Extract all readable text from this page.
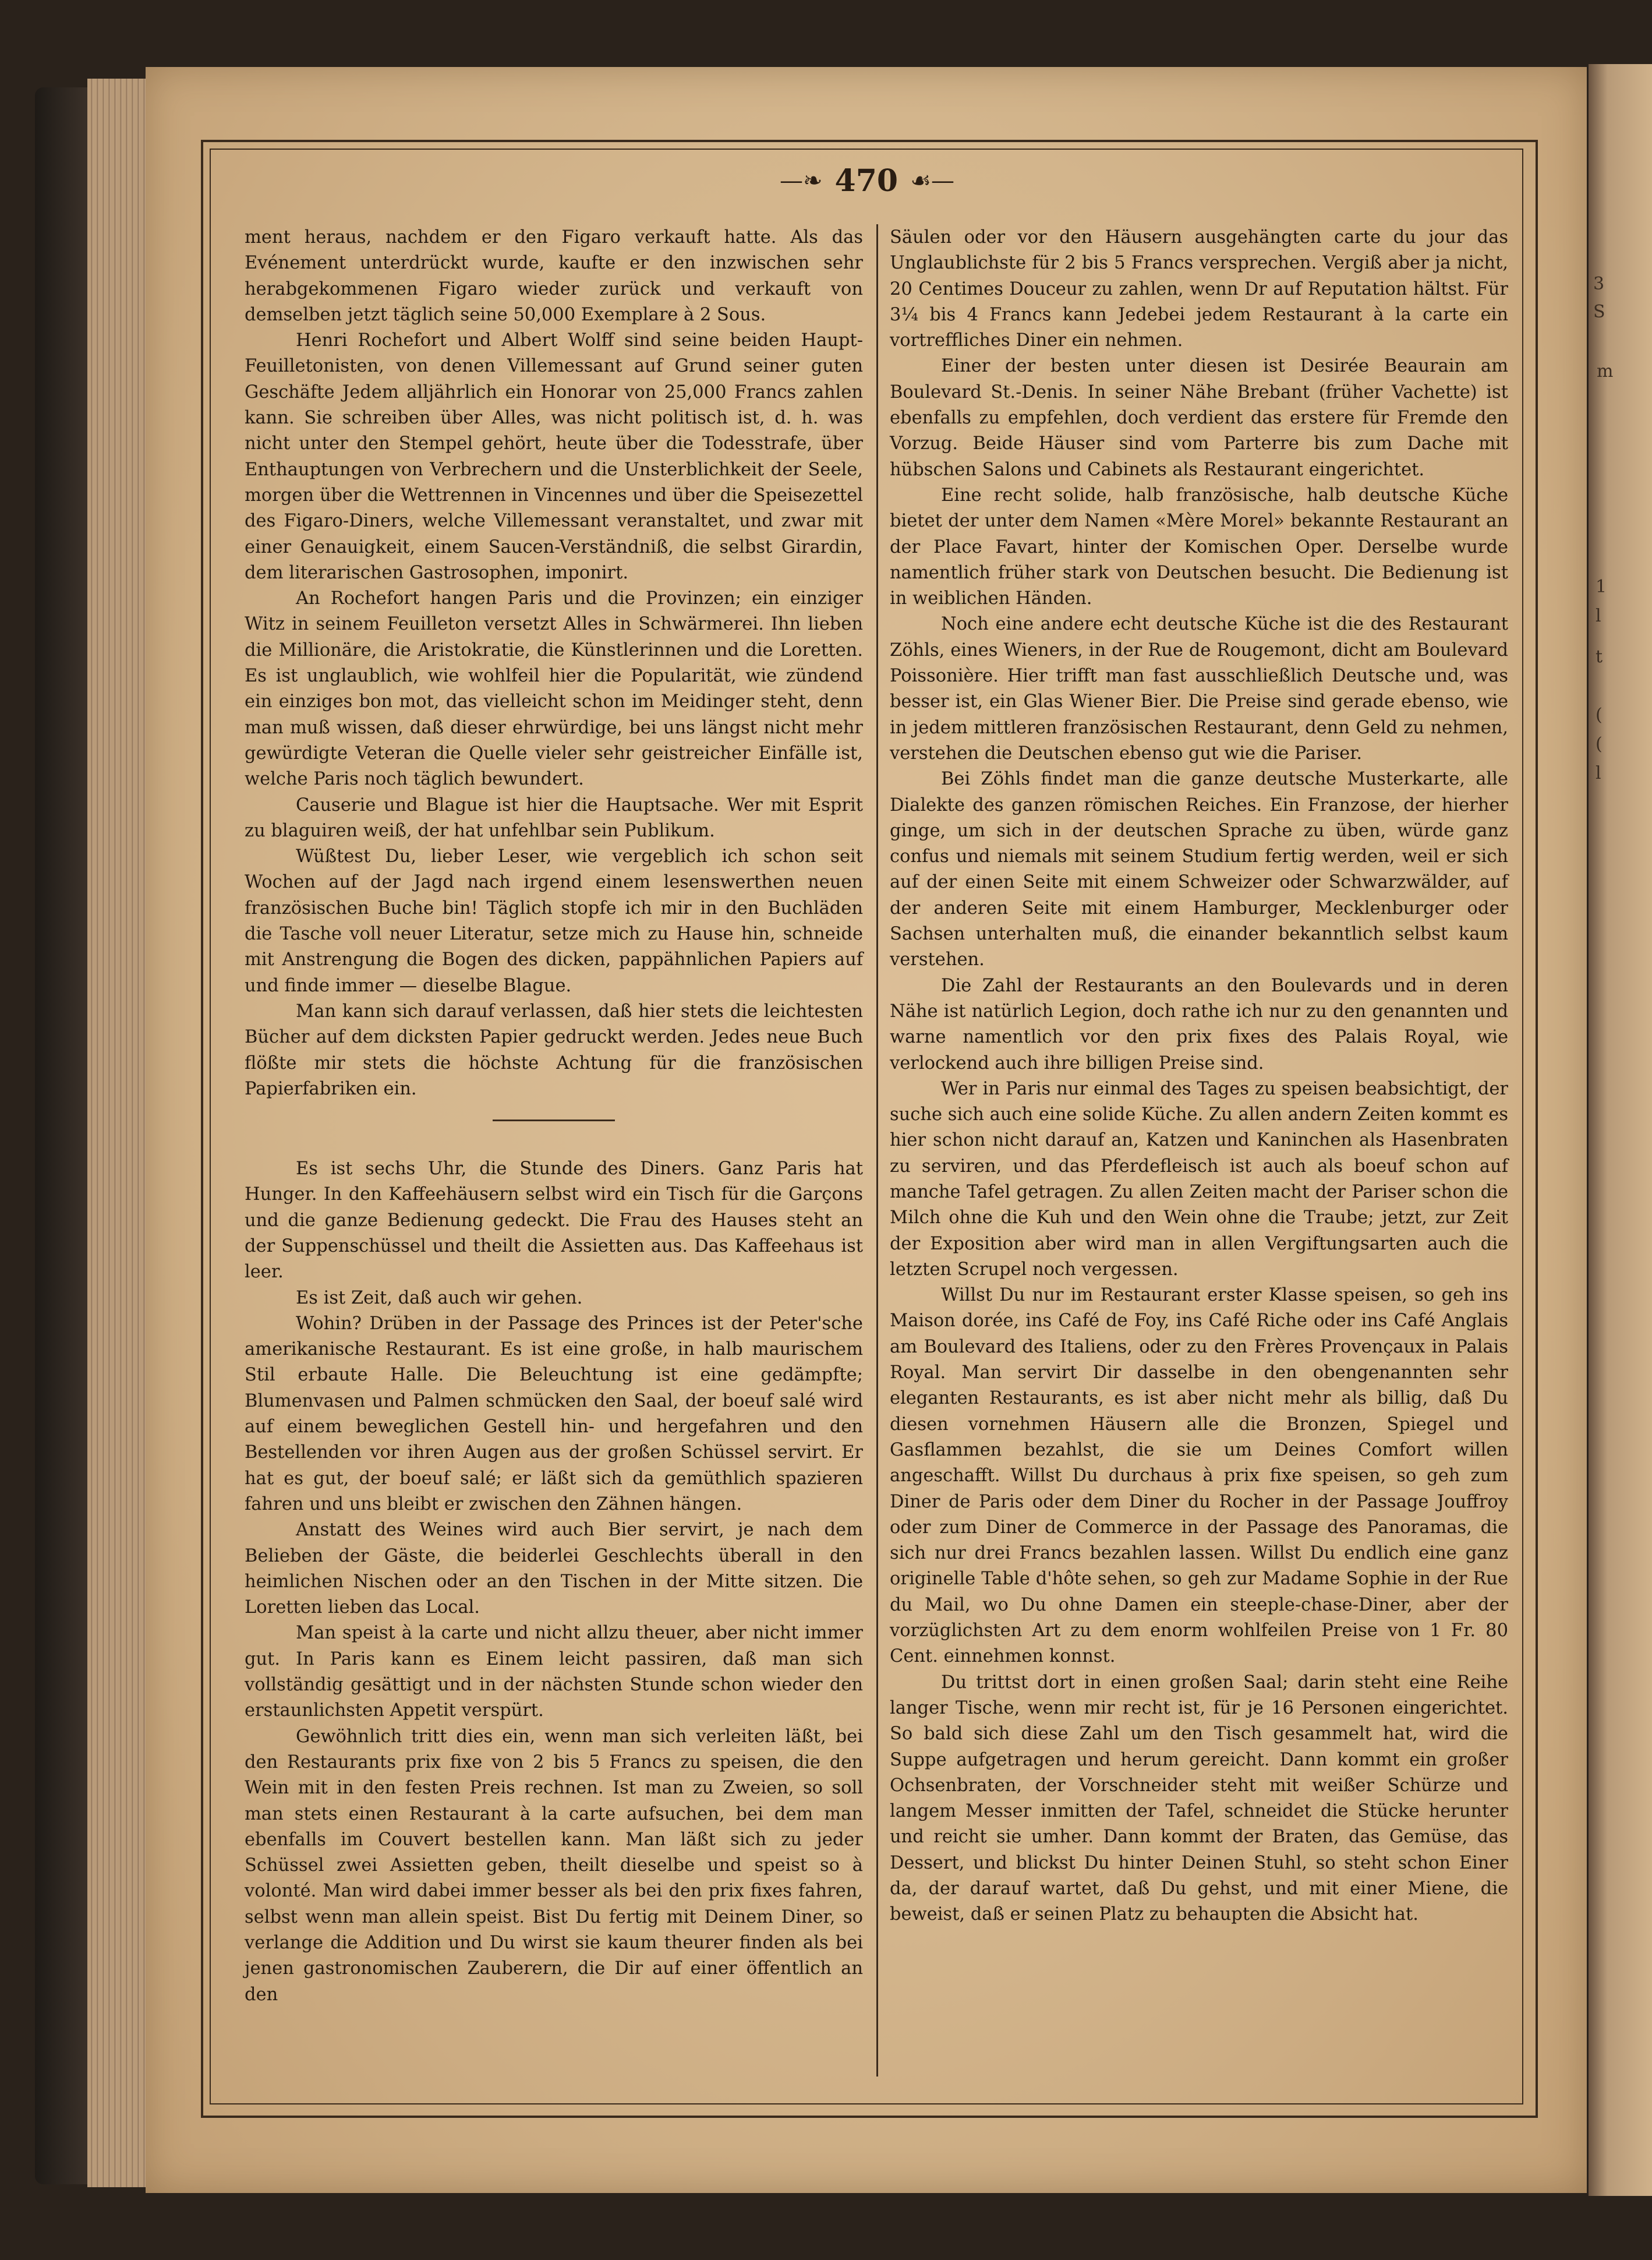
3
S
m
1
l
t
(
(
l
—❧ 470 ☙—

ment heraus, nachdem er den Figaro verkauft hatte. Als das Evénement unterdrückt wurde, kaufte er den inzwischen sehr herabgekommenen Figaro wieder zurück und verkauft von demselben jetzt täglich seine 50,000 Exemplare à 2 Sous.

Henri Rochefort und Albert Wolff sind seine beiden Haupt-Feuilletonisten, von denen Villemessant auf Grund seiner guten Geschäfte Jedem alljährlich ein Honorar von 25,000 Francs zahlen kann. Sie schreiben über Alles, was nicht politisch ist, d. h. was nicht unter den Stempel gehört, heute über die Todesstrafe, über Enthauptungen von Verbrechern und die Unsterblichkeit der Seele, morgen über die Wettrennen in Vincennes und über die Speisezettel des Figaro-Diners, welche Villemessant veranstaltet, und zwar mit einer Genauigkeit, einem Saucen-Verständniß, die selbst Girardin, dem literarischen Gastrosophen, imponirt.

An Rochefort hangen Paris und die Provinzen; ein einziger Witz in seinem Feuilleton versetzt Alles in Schwärmerei. Ihn lieben die Millionäre, die Aristokratie, die Künstlerinnen und die Loretten. Es ist unglaublich, wie wohlfeil hier die Popularität, wie zündend ein einziges bon mot, das vielleicht schon im Meidinger steht, denn man muß wissen, daß dieser ehrwürdige, bei uns längst nicht mehr gewürdigte Veteran die Quelle vieler sehr geistreicher Einfälle ist, welche Paris noch täglich bewundert.

Causerie und Blague ist hier die Hauptsache. Wer mit Esprit zu blaguiren weiß, der hat unfehlbar sein Publikum.

Wüßtest Du, lieber Leser, wie vergeblich ich schon seit Wochen auf der Jagd nach irgend einem lesenswerthen neuen französischen Buche bin! Täglich stopfe ich mir in den Buchläden die Tasche voll neuer Literatur, setze mich zu Hause hin, schneide mit Anstrengung die Bogen des dicken, pappähnlichen Papiers auf und finde immer — dieselbe Blague.

Man kann sich darauf verlassen, daß hier stets die leichtesten Bücher auf dem dicksten Papier gedruckt werden. Jedes neue Buch flößte mir stets die höchste Achtung für die französischen Papierfabriken ein.

Es ist sechs Uhr, die Stunde des Diners. Ganz Paris hat Hunger. In den Kaffeehäusern selbst wird ein Tisch für die Garçons und die ganze Bedienung gedeckt. Die Frau des Hauses steht an der Suppenschüssel und theilt die Assietten aus. Das Kaffeehaus ist leer.

Es ist Zeit, daß auch wir gehen.

Wohin? Drüben in der Passage des Princes ist der Peter'sche amerikanische Restaurant. Es ist eine große, in halb maurischem Stil erbaute Halle. Die Beleuchtung ist eine gedämpfte; Blumenvasen und Palmen schmücken den Saal, der boeuf salé wird auf einem beweglichen Gestell hin- und hergefahren und den Bestellenden vor ihren Augen aus der großen Schüssel servirt. Er hat es gut, der boeuf salé; er läßt sich da gemüthlich spazieren fahren und uns bleibt er zwischen den Zähnen hängen.

Anstatt des Weines wird auch Bier servirt, je nach dem Belieben der Gäste, die beiderlei Geschlechts überall in den heimlichen Nischen oder an den Tischen in der Mitte sitzen. Die Loretten lieben das Local.

Man speist à la carte und nicht allzu theuer, aber nicht immer gut. In Paris kann es Einem leicht passiren, daß man sich vollständig gesättigt und in der nächsten Stunde schon wieder den erstaunlichsten Appetit verspürt.

Gewöhnlich tritt dies ein, wenn man sich verleiten läßt, bei den Restaurants prix fixe von 2 bis 5 Francs zu speisen, die den Wein mit in den festen Preis rechnen. Ist man zu Zweien, so soll man stets einen Restaurant à la carte aufsuchen, bei dem man ebenfalls im Couvert bestellen kann. Man läßt sich zu jeder Schüssel zwei Assietten geben, theilt dieselbe und speist so à volonté. Man wird dabei immer besser als bei den prix fixes fahren, selbst wenn man allein speist. Bist Du fertig mit Deinem Diner, so verlange die Addition und Du wirst sie kaum theurer finden als bei jenen gastronomischen Zauberern, die Dir auf einer öffentlich an den

Säulen oder vor den Häusern ausgehängten carte du jour das Unglaublichste für 2 bis 5 Francs versprechen. Vergiß aber ja nicht, 20 Centimes Douceur zu zahlen, wenn Dr auf Reputation hältst. Für 3¼ bis 4 Francs kann Jedebei jedem Restaurant à la carte ein vortreffliches Diner ein nehmen.

Einer der besten unter diesen ist Desirée Beaurain am Boulevard St.-Denis. In seiner Nähe Brebant (früher Vachette) ist ebenfalls zu empfehlen, doch verdient das erstere für Fremde den Vorzug. Beide Häuser sind vom Parterre bis zum Dache mit hübschen Salons und Cabinets als Restaurant eingerichtet.

Eine recht solide, halb französische, halb deutsche Küche bietet der unter dem Namen «Mère Morel» bekannte Restaurant an der Place Favart, hinter der Komischen Oper. Derselbe wurde namentlich früher stark von Deutschen besucht. Die Bedienung ist in weiblichen Händen.

Noch eine andere echt deutsche Küche ist die des Restaurant Zöhls, eines Wieners, in der Rue de Rougemont, dicht am Boulevard Poissonière. Hier trifft man fast ausschließlich Deutsche und, was besser ist, ein Glas Wiener Bier. Die Preise sind gerade ebenso, wie in jedem mittleren französischen Restaurant, denn Geld zu nehmen, verstehen die Deutschen ebenso gut wie die Pariser.

Bei Zöhls findet man die ganze deutsche Musterkarte, alle Dialekte des ganzen römischen Reiches. Ein Franzose, der hierher ginge, um sich in der deutschen Sprache zu üben, würde ganz confus und niemals mit seinem Studium fertig werden, weil er sich auf der einen Seite mit einem Schweizer oder Schwarzwälder, auf der anderen Seite mit einem Hamburger, Mecklenburger oder Sachsen unterhalten muß, die einander bekanntlich selbst kaum verstehen.

Die Zahl der Restaurants an den Boulevards und in deren Nähe ist natürlich Legion, doch rathe ich nur zu den genannten und warne namentlich vor den prix fixes des Palais Royal, wie verlockend auch ihre billigen Preise sind.

Wer in Paris nur einmal des Tages zu speisen beabsichtigt, der suche sich auch eine solide Küche. Zu allen andern Zeiten kommt es hier schon nicht darauf an, Katzen und Kaninchen als Hasenbraten zu serviren, und das Pferdefleisch ist auch als boeuf schon auf manche Tafel getragen. Zu allen Zeiten macht der Pariser schon die Milch ohne die Kuh und den Wein ohne die Traube; jetzt, zur Zeit der Exposition aber wird man in allen Vergiftungsarten auch die letzten Scrupel noch vergessen.

Willst Du nur im Restaurant erster Klasse speisen, so geh ins Maison dorée, ins Café de Foy, ins Café Riche oder ins Café Anglais am Boulevard des Italiens, oder zu den Frères Provençaux in Palais Royal. Man servirt Dir dasselbe in den obengenannten sehr eleganten Restaurants, es ist aber nicht mehr als billig, daß Du diesen vornehmen Häusern alle die Bronzen, Spiegel und Gasflammen bezahlst, die sie um Deines Comfort willen angeschafft. Willst Du durchaus à prix fixe speisen, so geh zum Diner de Paris oder dem Diner du Rocher in der Passage Jouffroy oder zum Diner de Commerce in der Passage des Panoramas, die sich nur drei Francs bezahlen lassen. Willst Du endlich eine ganz originelle Table d'hôte sehen, so geh zur Madame Sophie in der Rue du Mail, wo Du ohne Damen ein steeple-chase-Diner, aber der vorzüglichsten Art zu dem enorm wohlfeilen Preise von 1 Fr. 80 Cent. einnehmen konnst.

Du trittst dort in einen großen Saal; darin steht eine Reihe langer Tische, wenn mir recht ist, für je 16 Personen eingerichtet. So bald sich diese Zahl um den Tisch gesammelt hat, wird die Suppe aufgetragen und herum gereicht. Dann kommt ein großer Ochsenbraten, der Vorschneider steht mit weißer Schürze und langem Messer inmitten der Tafel, schneidet die Stücke herunter und reicht sie umher. Dann kommt der Braten, das Gemüse, das Dessert, und blickst Du hinter Deinen Stuhl, so steht schon Einer da, der darauf wartet, daß Du gehst, und mit einer Miene, die beweist, daß er seinen Platz zu behaupten die Absicht hat.
